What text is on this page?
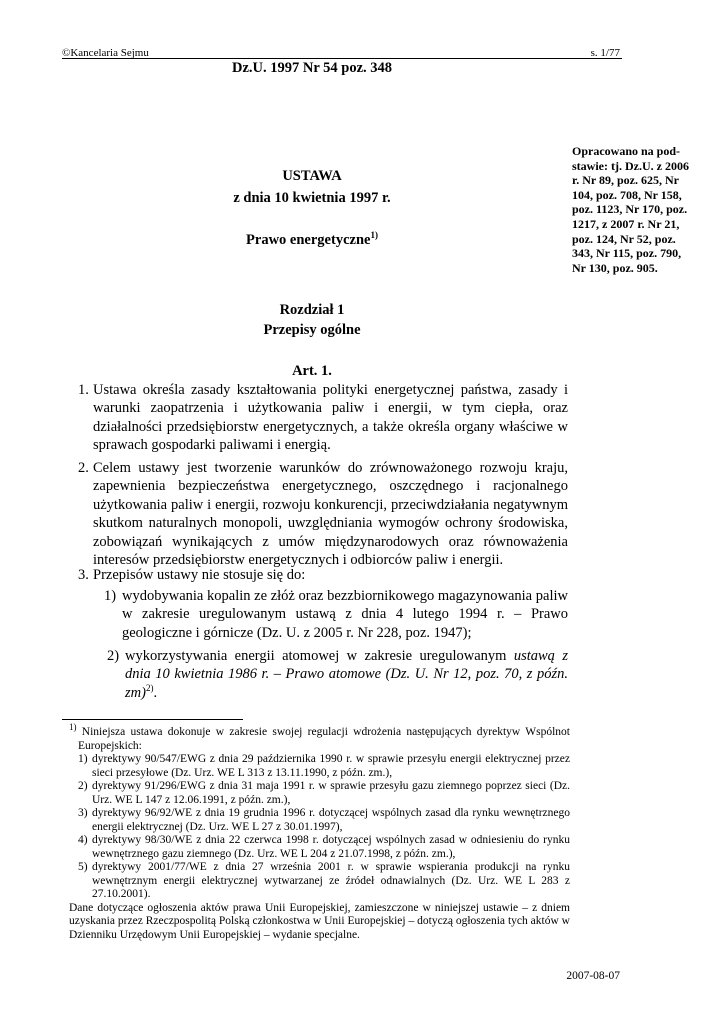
©Kancelaria Sejmu	s. 1/77
Dz.U. 1997 Nr 54 poz. 348
Opracowano na pod-stawie: tj. Dz.U. z 2006 r. Nr 89, poz. 625, Nr 104, poz. 708, Nr 158, poz. 1123, Nr 170, poz. 1217, z 2007 r. Nr 21, poz. 124, Nr 52, poz. 343, Nr 115, poz. 790, Nr 130, poz. 905.
USTAWA
z dnia 10 kwietnia 1997 r.
Prawo energetyczne$^{1)}$
Rozdział 1
Przepisy ogólne
Art. 1.
1. Ustawa określa zasady kształtowania polityki energetycznej państwa, zasady i warunki zaopatrzenia i użytkowania paliw i energii, w tym ciepła, oraz działalności przedsiębiorstw energetycznych, a także określa organy właściwe w sprawach gospodarki paliwami i energią.
2. Celem ustawy jest tworzenie warunków do zrównoważonego rozwoju kraju, zapewnienia bezpieczeństwa energetycznego, oszczędnego i racjonalnego użytkowania paliw i energii, rozwoju konkurencji, przeciwdziałania negatywnym skutkom naturalnych monopoli, uwzględniania wymogów ochrony środowiska, zobowiązań wynikających z umów międzynarodowych oraz równoważenia interesów przedsiębiorstw energetycznych i odbiorców paliw i energii.
3. Przepisów ustawy nie stosuje się do:
1) wydobywania kopalin ze złóż oraz bezzbiornikowego magazynowania paliw w zakresie uregulowanym ustawą z dnia 4 lutego 1994 r. – Prawo geologiczne i górnicze (Dz. U. z 2005 r. Nr 228, poz. 1947);
2) wykorzystywania energii atomowej w zakresie uregulowanym ustawą z dnia 10 kwietnia 1986 r. – Prawo atomowe (Dz. U. Nr 12, poz. 70, z późn. zm)$^{2)}$.
$^{1)}$ Niniejsza ustawa dokonuje w zakresie swojej regulacji wdrożenia następujących dyrektyw Wspólnot Europejskich:
1) dyrektywy 90/547/EWG z dnia 29 października 1990 r. w sprawie przesyłu energii elektrycznej przez sieci przesyłowe (Dz. Urz. WE L 313 z 13.11.1990, z późn. zm.),
2) dyrektywy 91/296/EWG z dnia 31 maja 1991 r. w sprawie przesyłu gazu ziemnego poprzez sieci (Dz. Urz. WE L 147 z 12.06.1991, z późn. zm.),
3) dyrektywy 96/92/WE z dnia 19 grudnia 1996 r. dotyczącej wspólnych zasad dla rynku wewnętrznego energii elektrycznej (Dz. Urz. WE L 27 z 30.01.1997),
4) dyrektywy 98/30/WE z dnia 22 czerwca 1998 r. dotyczącej wspólnych zasad w odniesieniu do rynku wewnętrznego gazu ziemnego (Dz. Urz. WE L 204 z 21.07.1998, z późn. zm.),
5) dyrektywy 2001/77/WE z dnia 27 września 2001 r. w sprawie wspierania produkcji na rynku wewnętrznym energii elektrycznej wytwarzanej ze źródeł odnawialnych (Dz. Urz. WE L 283 z 27.10.2001).
Dane dotyczące ogłoszenia aktów prawa Unii Europejskiej, zamieszczone w niniejszej ustawie – z dniem uzyskania przez Rzeczpospolitą Polską członkostwa w Unii Europejskiej – dotyczą ogłoszenia tych aktów w Dzienniku Urzędowym Unii Europejskiej – wydanie specjalne.
2007-08-07
